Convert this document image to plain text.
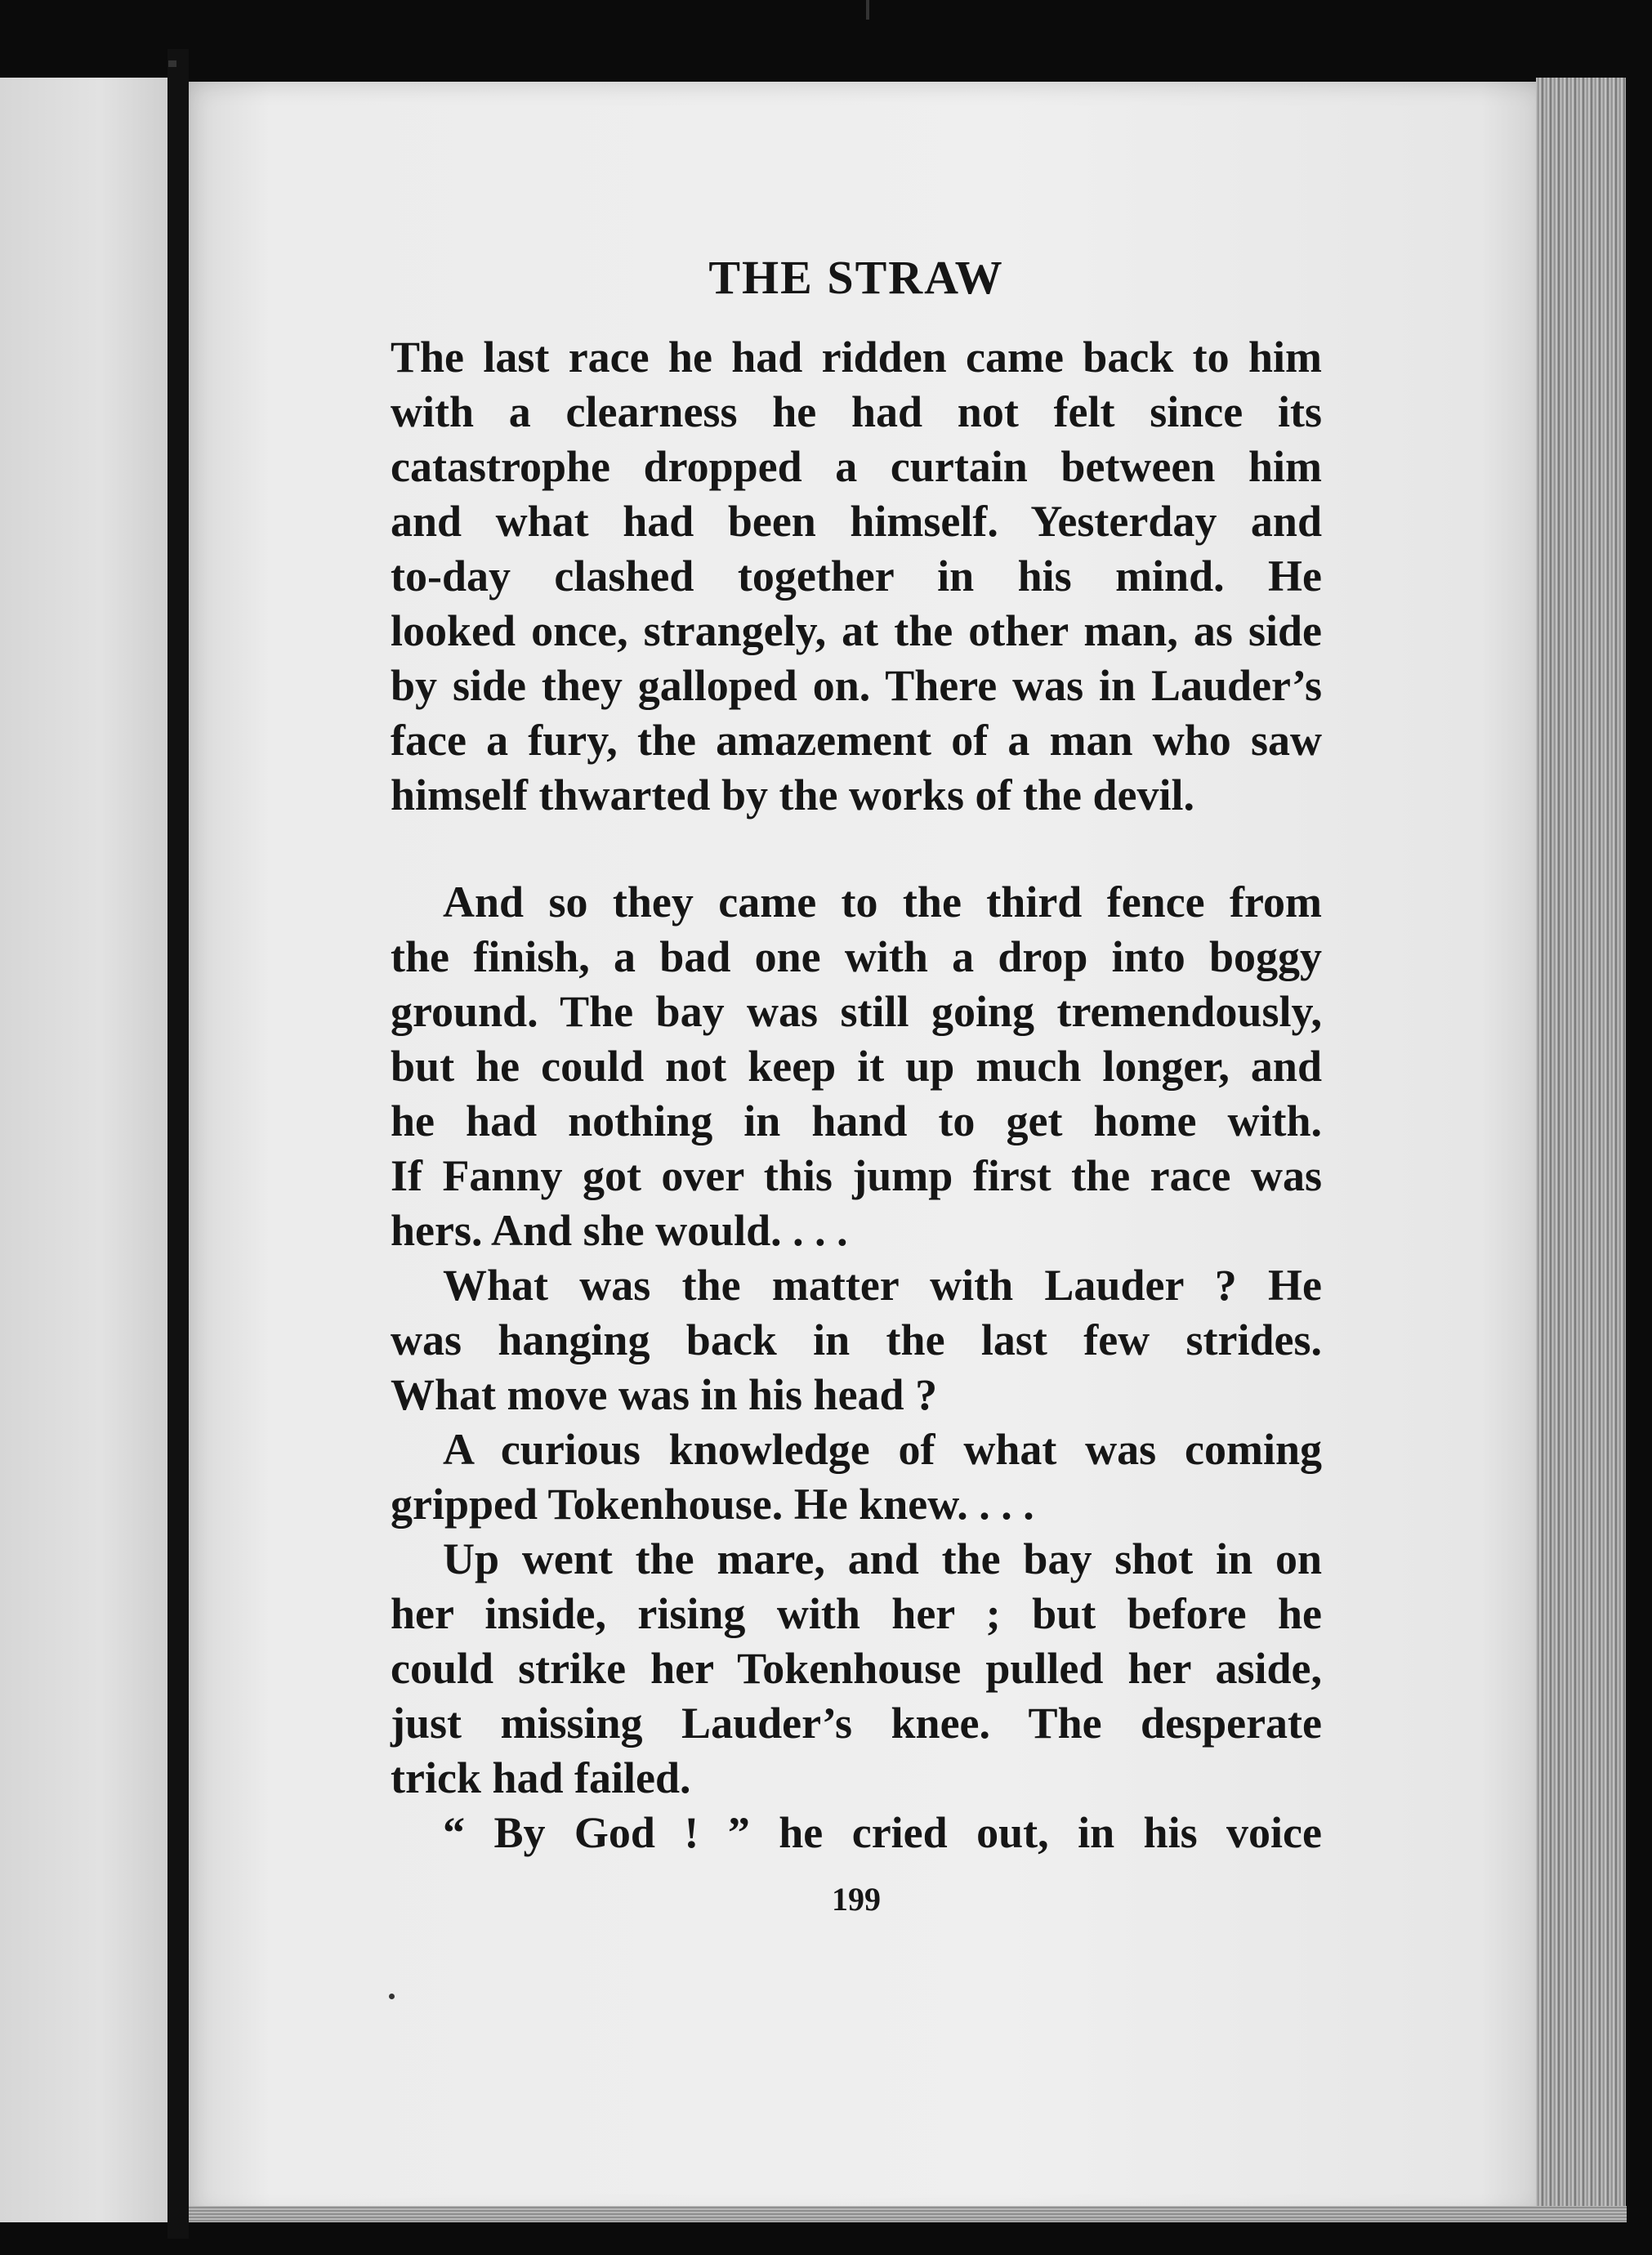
THE STRAW
The last race he had ridden came back to him
with a clearness he had not felt since its
catastrophe dropped a curtain between him
and what had been himself. Yesterday and
to-day clashed together in his mind. He
looked once, strangely, at the other man, as side
by side they galloped on. There was in Lauder’s
face a fury, the amazement of a man who saw
himself thwarted by the works of the devil.
And so they came to the third fence from
the finish, a bad one with a drop into boggy
ground. The bay was still going tremendously,
but he could not keep it up much longer, and
he had nothing in hand to get home with.
If Fanny got over this jump first the race was
hers. And she would. . . .
What was the matter with Lauder ? He
was hanging back in the last few strides.
What move was in his head ?
A curious knowledge of what was coming
gripped Tokenhouse. He knew. . . .
Up went the mare, and the bay shot in on
her inside, rising with her ; but before he
could strike her Tokenhouse pulled her aside,
just missing Lauder’s knee. The desperate
trick had failed.
“ By God ! ” he cried out, in his voice
199
